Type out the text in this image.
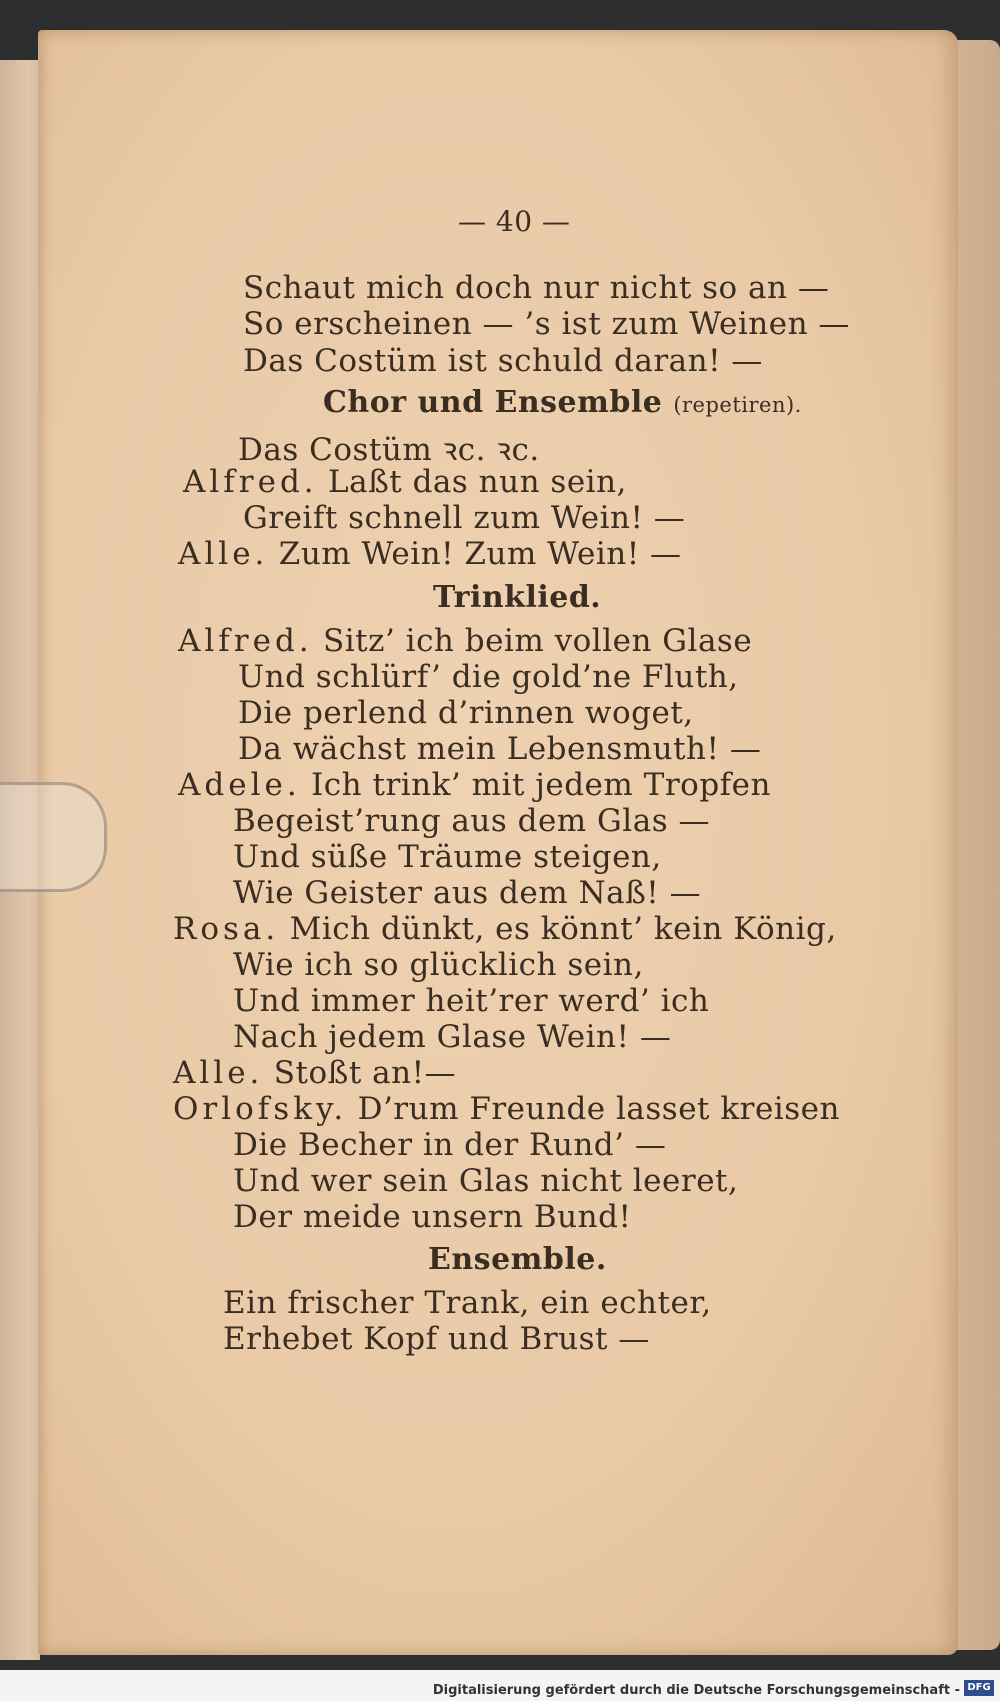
— 40 —
Schaut mich doch nur nicht so an —
So erscheinen — ’s ist zum Weinen —
Das Costüm ist schuld daran! —
Chor und Ensemble (repetiren).
Das Costüm ꝛc. ꝛc.
Alfred. Laßt das nun sein,
Greift schnell zum Wein! —
Alle. Zum Wein! Zum Wein! —
Trinklied.
Alfred. Sitz’ ich beim vollen Glase
Und schlürf’ die gold’ne Fluth,
Die perlend d’rinnen woget,
Da wächst mein Lebensmuth! —
Adele. Ich trink’ mit jedem Tropfen
Begeist’rung aus dem Glas —
Und süße Träume steigen,
Wie Geister aus dem Naß! —
Rosa. Mich dünkt, es könnt’ kein König,
Wie ich so glücklich sein,
Und immer heit’rer werd’ ich
Nach jedem Glase Wein! —
Alle. Stoßt an!—
Orlofsky. D’rum Freunde lasset kreisen
Die Becher in der Rund’ —
Und wer sein Glas nicht leeret,
Der meide unsern Bund!
Ensemble.
Ein frischer Trank, ein echter,
Erhebet Kopf und Brust —
Digitalisierung gefördert durch die Deutsche Forschungsgemeinschaft - DFG
